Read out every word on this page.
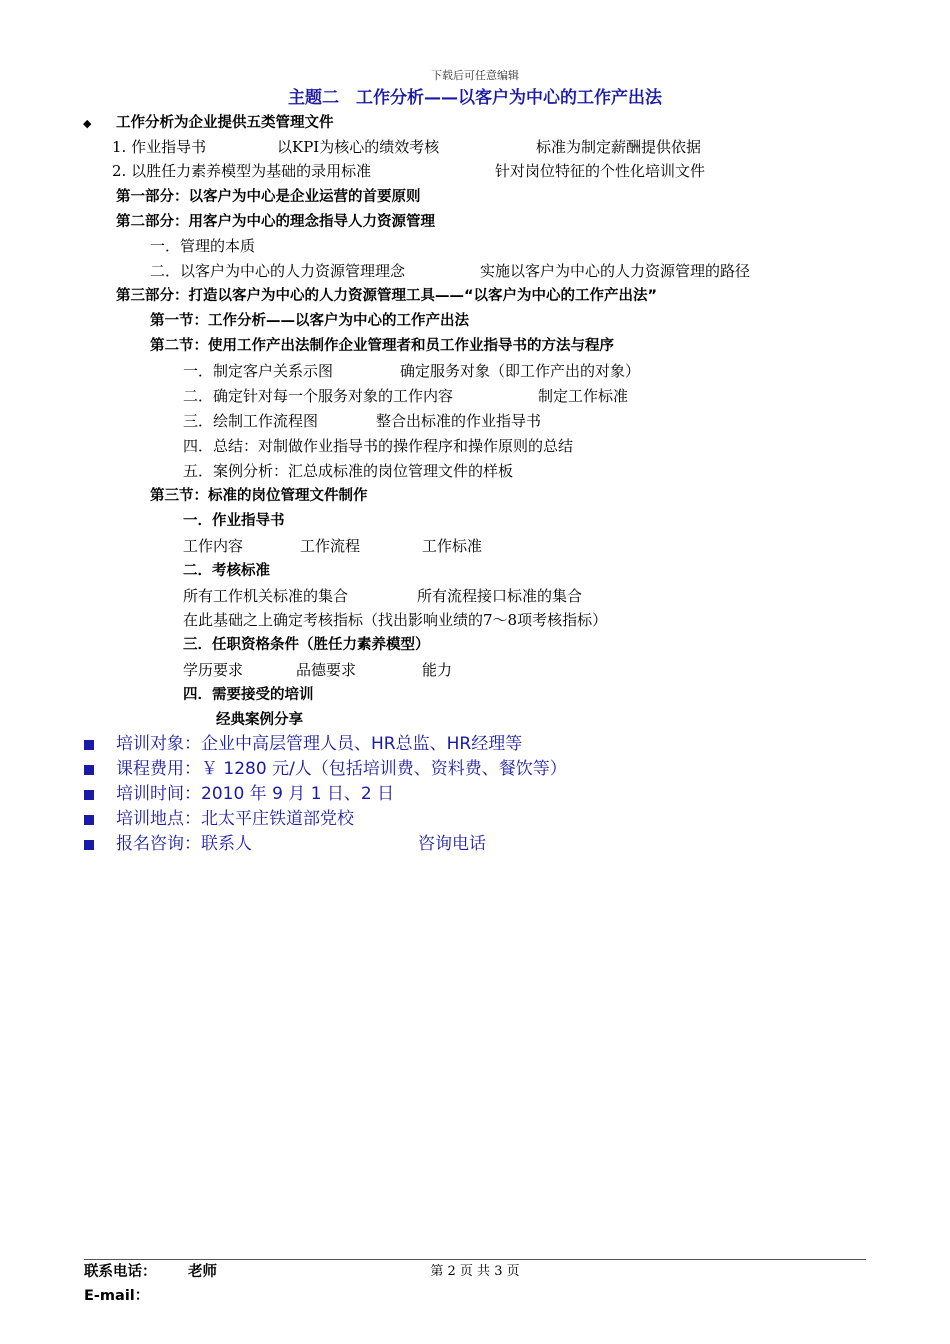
下载后可任意编辑
主题二　工作分析——以客户为中心的工作产出法
◆ 工作分析为企业提供五类管理文件
1. 作业指导书	以KPI为核心的绩效考核	标准为制定薪酬提供依据
2. 以胜任力素养模型为基础的录用标准	针对岗位特征的个性化培训文件
第一部分：以客户为中心是企业运营的首要原则
第二部分：用客户为中心的理念指导人力资源管理
一．管理的本质
二．以客户为中心的人力资源管理理念	实施以客户为中心的人力资源管理的路径
第三部分：打造以客户为中心的人力资源管理工具——“以客户为中心的工作产出法”
第一节：工作分析——以客户为中心的工作产出法
第二节：使用工作产出法制作企业管理者和员工作业指导书的方法与程序
一．制定客户关系示图	确定服务对象（即工作产出的对象）
二．确定针对每一个服务对象的工作内容	制定工作标准
三．绘制工作流程图	整合出标准的作业指导书
四．总结：对制做作业指导书的操作程序和操作原则的总结
五．案例分析：汇总成标准的岗位管理文件的样板
第三节：标准的岗位管理文件制作
一．作业指导书
工作内容	工作流程	工作标准
二．考核标准
所有工作机关标准的集合	所有流程接口标准的集合
在此基础之上确定考核指标（找出影响业绩的7～8项考核指标）
三．任职资格条件（胜任力素养模型）
学历要求	品德要求	能力
四．需要接受的培训
经典案例分享
培训对象：企业中高层管理人员、HR总监、HR经理等
课程费用：￥ 1280 元/人（包括培训费、资料费、餐饮等）
培训时间：2010 年 9 月 1 日、2 日
培训地点：北太平庄铁道部党校
报名咨询：联系人	咨询电话
联系电话： 老师	第 2 页 共 3 页
E-mail：
